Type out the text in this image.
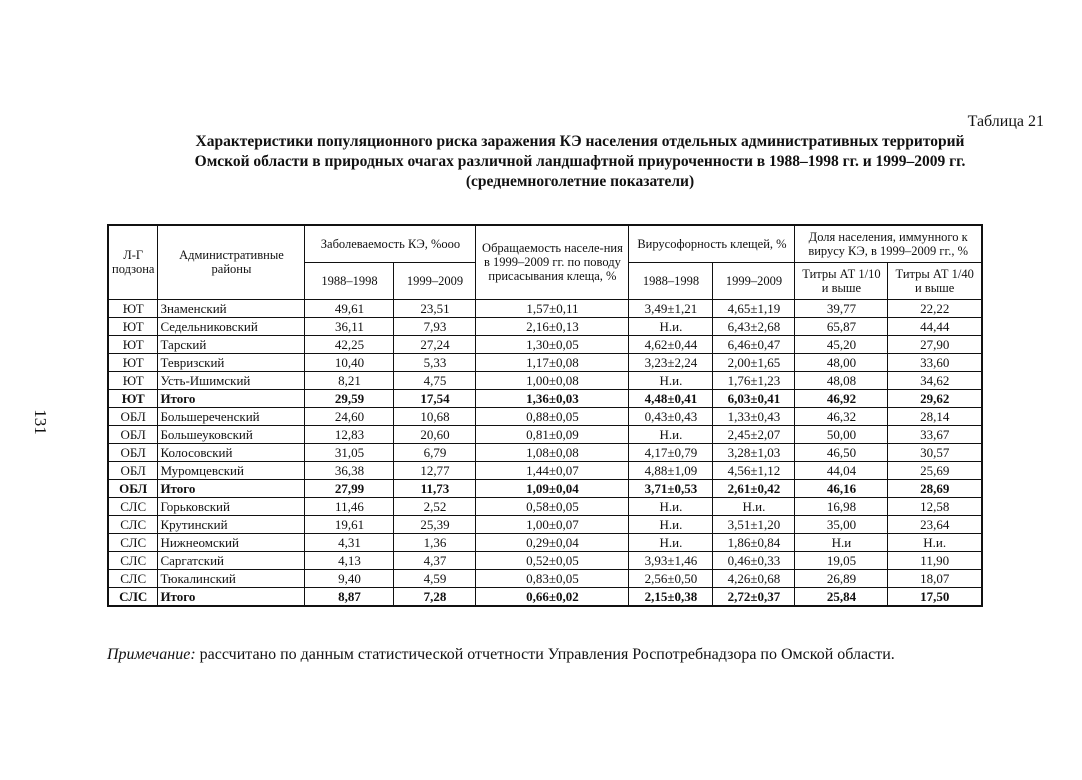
131
Таблица 21
Характеристики популяционного риска заражения КЭ населения отдельных административных территорий
Омской области в природных очагах различной ландшафтной приуроченности в 1988–1998 гг. и 1999–2009 гг.
(среднемноголетние показатели)
Л-Г подзона	Административные районы	Заболеваемость КЭ, %ooo		Обращаемость населе-ния в 1999–2009 гг. по поводу присасывания клеща, %	Вирусофорность клещей, %		Доля населения, иммунного к вирусу КЭ, в 1999–2009 гг., %	
		1988–1998	1999–2009		1988–1998	1999–2009	Титры АТ 1/10 и выше	Титры АТ 1/40 и выше
ЮТ	Знаменский	49,61	23,51	1,57±0,11	3,49±1,21	4,65±1,19	39,77	22,22
ЮТ	Седельниковский	36,11	7,93	2,16±0,13	Н.и.	6,43±2,68	65,87	44,44
ЮТ	Тарский	42,25	27,24	1,30±0,05	4,62±0,44	6,46±0,47	45,20	27,90
ЮТ	Тевризский	10,40	5,33	1,17±0,08	3,23±2,24	2,00±1,65	48,00	33,60
ЮТ	Усть-Ишимский	8,21	4,75	1,00±0,08	Н.и.	1,76±1,23	48,08	34,62
ЮТ	Итого	29,59	17,54	1,36±0,03	4,48±0,41	6,03±0,41	46,92	29,62
ОБЛ	Большереченский	24,60	10,68	0,88±0,05	0,43±0,43	1,33±0,43	46,32	28,14
ОБЛ	Большеуковский	12,83	20,60	0,81±0,09	Н.и.	2,45±2,07	50,00	33,67
ОБЛ	Колосовский	31,05	6,79	1,08±0,08	4,17±0,79	3,28±1,03	46,50	30,57
ОБЛ	Муромцевский	36,38	12,77	1,44±0,07	4,88±1,09	4,56±1,12	44,04	25,69
ОБЛ	Итого	27,99	11,73	1,09±0,04	3,71±0,53	2,61±0,42	46,16	28,69
СЛС	Горьковский	11,46	2,52	0,58±0,05	Н.и.	Н.и.	16,98	12,58
СЛС	Крутинский	19,61	25,39	1,00±0,07	Н.и.	3,51±1,20	35,00	23,64
СЛС	Нижнеомский	4,31	1,36	0,29±0,04	Н.и.	1,86±0,84	Н.и	Н.и.
СЛС	Саргатский	4,13	4,37	0,52±0,05	3,93±1,46	0,46±0,33	19,05	11,90
СЛС	Тюкалинский	9,40	4,59	0,83±0,05	2,56±0,50	4,26±0,68	26,89	18,07
СЛС	Итого	8,87	7,28	0,66±0,02	2,15±0,38	2,72±0,37	25,84	17,50
Примечание: рассчитано по данным статистической отчетности Управления Роспотребнадзора по Омской области.
